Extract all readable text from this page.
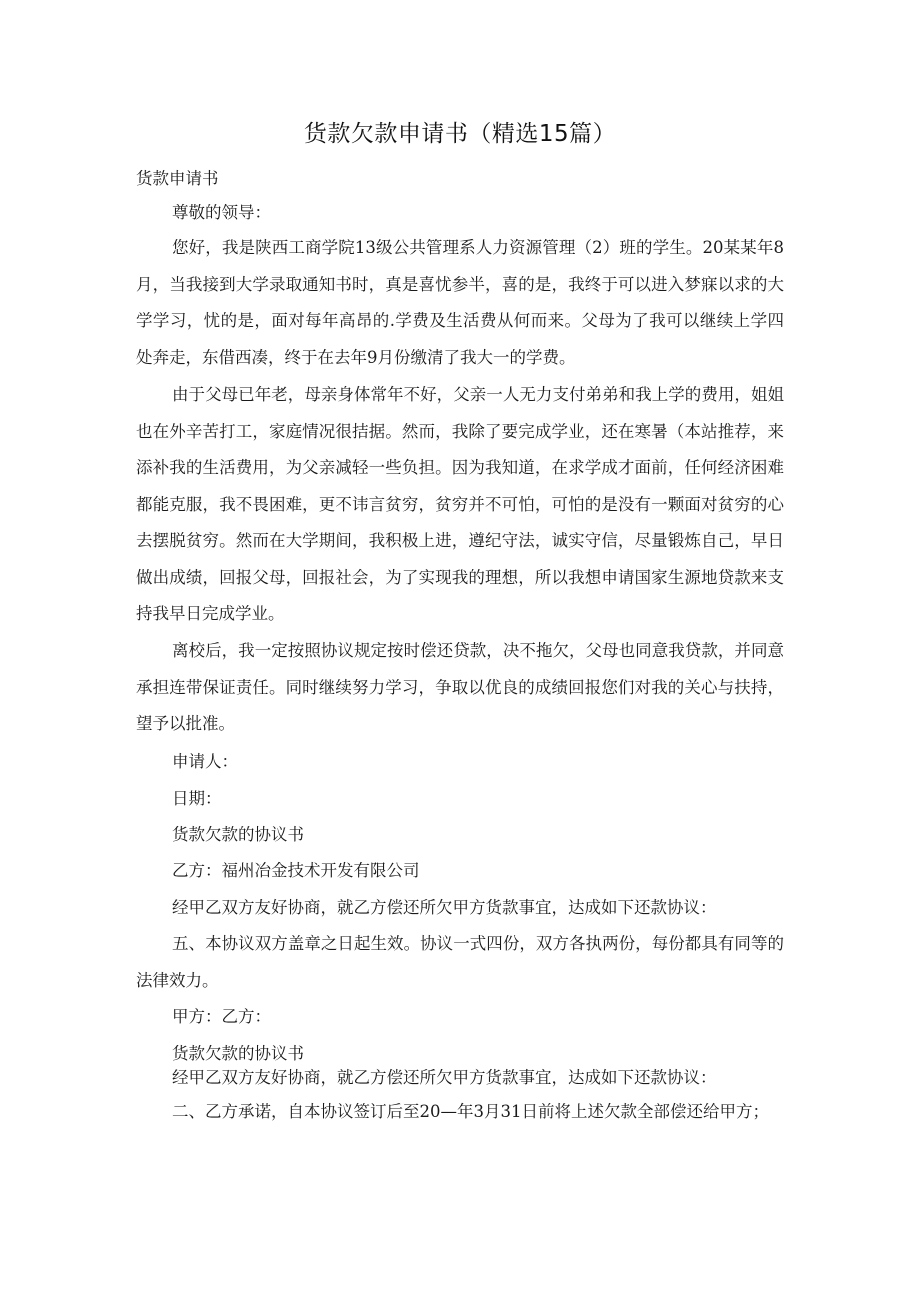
货款欠款申请书（精选15篇）
货款申请书
尊敬的领导：
您好，我是陕西工商学院13级公共管理系人力资源管理（2）班的学生。20某某年8月，当我接到大学录取通知书时，真是喜忧参半，喜的是，我终于可以进入梦寐以求的大学学习，忧的是，面对每年高昂的.学费及生活费从何而来。父母为了我可以继续上学四处奔走，东借西凑，终于在去年9月份缴清了我大一的学费。
由于父母已年老，母亲身体常年不好，父亲一人无力支付弟弟和我上学的费用，姐姐也在外辛苦打工，家庭情况很拮据。然而，我除了要完成学业，还在寒暑（本站推荐，来添补我的生活费用，为父亲减轻一些负担。因为我知道，在求学成才面前，任何经济困难都能克服，我不畏困难，更不讳言贫穷，贫穷并不可怕，可怕的是没有一颗面对贫穷的心去摆脱贫穷。然而在大学期间，我积极上进，遵纪守法，诚实守信，尽量锻炼自己，早日做出成绩，回报父母，回报社会，为了实现我的理想，所以我想申请国家生源地贷款来支持我早日完成学业。
离校后，我一定按照协议规定按时偿还贷款，决不拖欠，父母也同意我贷款，并同意承担连带保证责任。同时继续努力学习，争取以优良的成绩回报您们对我的关心与扶持，望予以批准。
申请人：
日期：
货款欠款的协议书
乙方：福州冶金技术开发有限公司
经甲乙双方友好协商，就乙方偿还所欠甲方货款事宜，达成如下还款协议：
五、本协议双方盖章之日起生效。协议一式四份，双方各执两份，每份都具有同等的法律效力。
甲方：乙方：
货款欠款的协议书
经甲乙双方友好协商，就乙方偿还所欠甲方货款事宜，达成如下还款协议：
二、乙方承诺，自本协议签订后至20—年3月31日前将上述欠款全部偿还给甲方；
